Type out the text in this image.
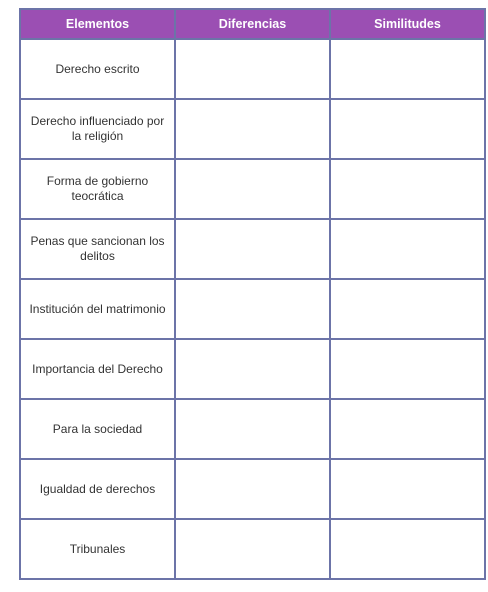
Elementos	Diferencias	Similitudes
Derecho escrito		
Derecho influenciado por la religión		
Forma de gobierno teocrática		
Penas que sancionan los delitos		
Institución del matrimonio		
Importancia del Derecho		
Para la sociedad		
Igualdad de derechos		
Tribunales		
